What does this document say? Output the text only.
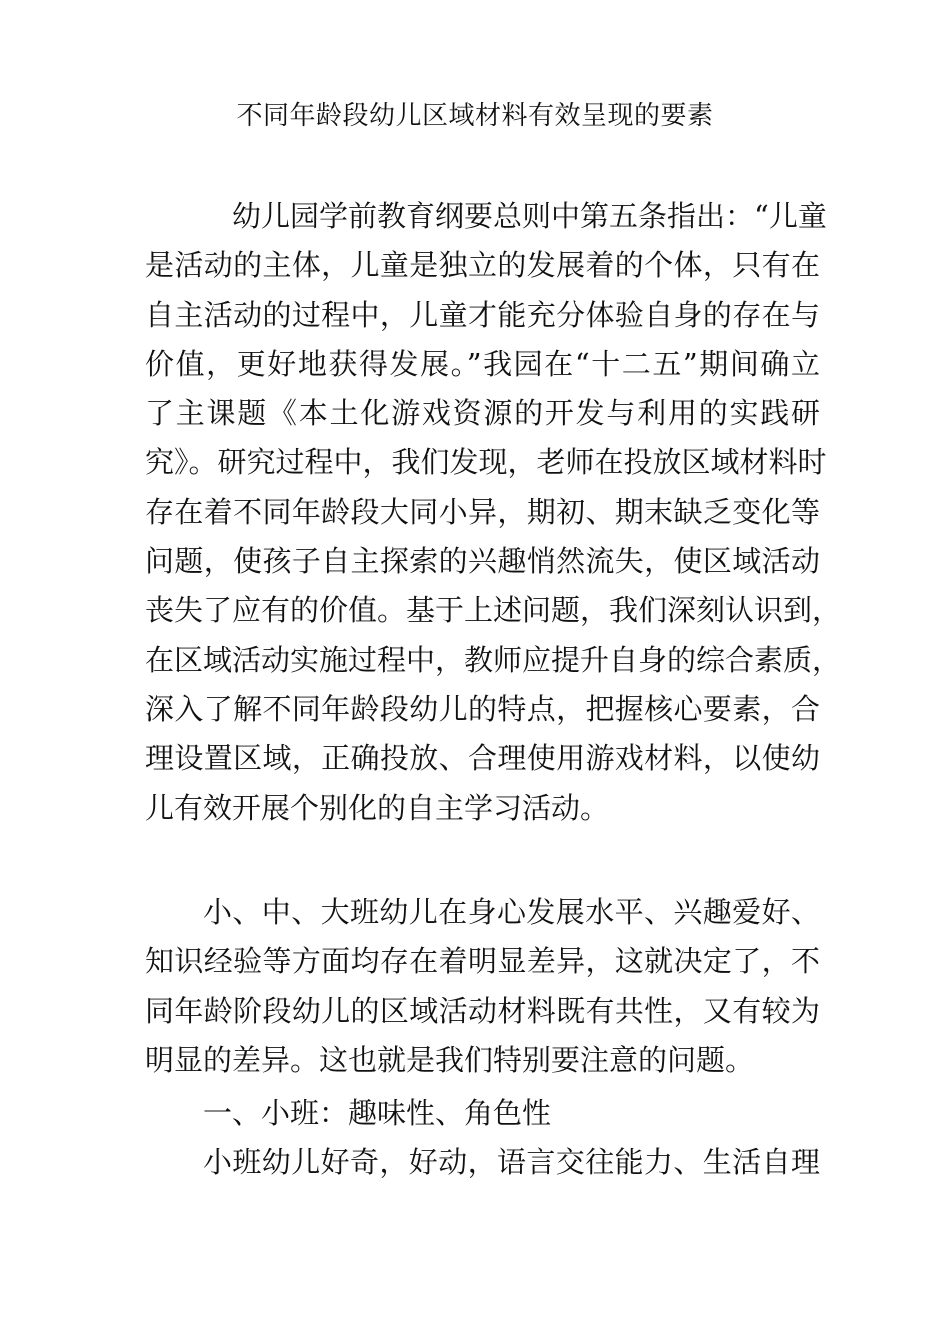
不同年龄段幼儿区域材料有效呈现的要素
幼儿园学前教育纲要总则中第五条指出：“儿童
是活动的主体，儿童是独立的发展着的个体，只有在
自主活动的过程中，儿童才能充分体验自身的存在与
价值，更好地获得发展。”我园在“十二五”期间确立
了主课题《本土化游戏资源的开发与利用的实践研
究》。研究过程中，我们发现，老师在投放区域材料时
存在着不同年龄段大同小异，期初、期末缺乏变化等
问题，使孩子自主探索的兴趣悄然流失，使区域活动
丧失了应有的价值。基于上述问题，我们深刻认识到，
在区域活动实施过程中，教师应提升自身的综合素质，
深入了解不同年龄段幼儿的特点，把握核心要素，合
理设置区域，正确投放、合理使用游戏材料，以使幼
儿有效开展个别化的自主学习活动。
小、中、大班幼儿在身心发展水平、兴趣爱好、
知识经验等方面均存在着明显差异，这就决定了，不
同年龄阶段幼儿的区域活动材料既有共性，又有较为
明显的差异。这也就是我们特别要注意的问题。
一、小班：趣味性、角色性
小班幼儿好奇，好动，语言交往能力、生活自理
